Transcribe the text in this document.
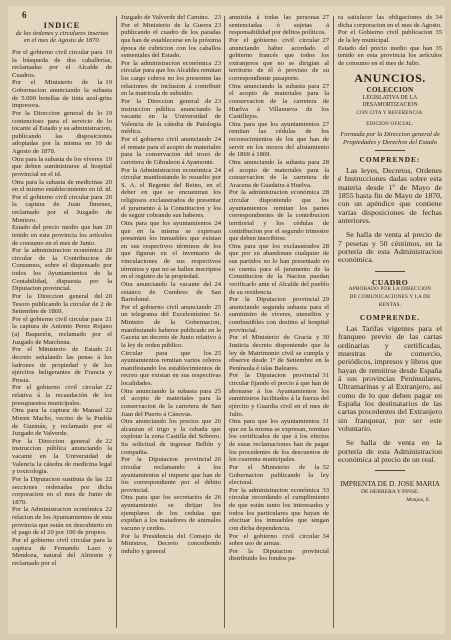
6
INDICE
de las órdenes y circulares insertas en el mes de Agosto de 1870.

19
Por el gobierno civil circular para la búsqueda de dos caballerías, reclamadas por el Alcalde de Cuadros.

19
Por el Ministerio de la Gobernacion anunciando la subasta de 5.000 botellas de tinta azul-griss impresora.

19
Por la Direccion general de lo contencioso para el servicio de lo tocante al Estado y su administracion, publicando las disposiciones adoptadas por la misma en 10 de Agosto de 1870.

19
Otra para la subasta de los víveres que deben suministrarse al hospital provincial en el id.

20
Otra para la subasta de medicinas en el mismo establecimiento en id. id.

20
Por el gobierno civil circular para la captura de Juan Jimenez, reclamado por el Juzgado de Montoro.

20
Estado del precio medio que han tenido en esta provincia los artículos de consumo en el mes de Junio.

20
Por la administracion económica circular de la Contribucion de Consumos, sobre el dispensado por todos los Ayuntamientos de la Contabilidad, dispuesta por la Diputacion provincial.

20
Por la Direccion general del Tesoro publicando la circular de 2 de Setiembre de 1869.

21
Por el gobierno civil circular para la captura de Antonio Perez Rojano (a) Baquetón, reclamado por el Juzgado de Marchena.

21
Por el Ministerio de Estado decreto señalando las penas á los ladrones de propiedad y de los ejércitos beligerantes de Francia y Prusia.

22
Por el gobierno civil circular relativa á la recaudación de los presupuestos municipales.

22
Otra para la captura de Manuel Moren Macho, vecino de la Puebla de Guzmán, y reclamado por el Juzgado de Valverde.

22
Por la Direccion general de instruccion pública anunciando la vacante en la Universidad de Valencia la cátedra de medicina legal y toxicologia.

22
Por la Diputacion sustituta de las secciones ordenadas por dicha corporacion en el mes de Junio de 1870.

22
Por la Administracion económica relacion de los Ayuntamientos de esta provincia que están en descubierto en el pago de el 20 por 100 de propios.

Por el gobierno civil circular para la captura de Fernando Lazo y Mendoza, natural del Almonte y reclamado por el

23
Juzgado de Valverde del Camino.

23
Por el Ministerio de la Guerra publicando el cuadro de los paradas que han de establecerse en la próxima época de cubricion con los caballos sementales del Estado.

23
Por la administracion económica circular para que los Alcaldes remitan los cargo cobros no los presenten las relaciones de inclusion á contribuir en la matricula de subsidio.

23
Por la Direccion general de instruccion pública anunciando la vacante en la Universidad de Valencia de la cátedra de Patologia médica.

24
Por el gobierno civil anunciando el remate para el acopio de materiales para la conservacion del trozo de carretera de Gibraleon á Ayamonte.

24
Por la Administracion económica circular manifestando lo resuelto por S. A. el Regente del Reino, en el deber en que se encuentran los religiosos exclaustrados de presentar el juramento á la Constitucion y los de seguir cobrando sus haberes.

24
Otra para que los ayuntamientos que en la misma se expresan presenten los inmuebles que existan en sus respectivos términos de los que figuran en el inventario de vinculaciones de sus respectivos términos y que no se hallen inscriptos en el registro de la propiedad.

24
Otra anunciando la vacante del estanco de Cumbres de San Bartolomé.

25
Por el gobierno civil anunciando un telegrama del Excelentísimo Sr. Ministro de la Gobernacion, manifestando haberse publicado en la Gaceta un decreto de Junio relativo á la ley de orden público.

25
Circular para que los ayuntamientos remitan varios celeros manifestando los establecimientos de recreo que existan en sus respectivas localidades.

25
Otra anunciando la subasta para el acopio de materiales para la conservacion de la carretera de San Juan del Puerto á Cánovas.

26
Otra anunciando los precios que alcanzan el trigo y la cebada que explotar la zona Castilla del Sobrero. Su solicitud de ingresar Bellón y compañia.

26
Por la Diputacion provincial circular reclamando á los ayuntamientos el importe que han de los correspondiente por el débito provincial.

26
Otra para que los secretarios de ayuntamiento se dirijan los ejemplares de los cedulas que expidan á los matadores de animales vacuno y cerdos.

Por la Presidencia del Consejo de Ministros, Decreto concediendo indulto y general

27
amnistía á todas las personas sentenciadas ó sujetas á responsabilidad por delitos políticos.

27
Por el gobierno civil circular anunciando haber acordado el gobierno francés que todos los extranjeros que no se dirigian al territorio de él ó provisto de su correspondiente pasaporte.

27
Otra anunciando la subasta para el acopio de materiales para la conservacion de la carretera de Huelva á Villanueva de los Castillejos.

27
Otra para que los ayuntamientos remitan las cédulas de los reconocimientos de los que han de servir en los mozos del alistamiento de 1869 á 1869.

28
Otra anunciando la subasta para el acopio de materiales para la conservacion de la carretera de Aracena de Guadaira á Huelva.

28
Por la administracion económica circular disponiendo que los ayuntamientos remitan los partes correspondientes de la contribucion territorial y los cédulas de contribucion por el segundo trimestre que deben inscribirse.

28
Otra para que los exclaustrados que por su abandonan cualquier de sus partidos no lo han presentado en su cuenta para el juramento de la Constitucion de la Nacion puedan verificarlo ante el Alcalde del pueblo de su residencia.

29
Por la Diputacion provincial anunciando segunda subasta para el suministro de víveres, utensilios y combustibles con destino al hospital provincial.

30
Por el Ministerio de Gracia y Justicia decreto disponiendo que la ley de Matrimonio civil se cumpla y observe desde 1º de Setiembre en la Península é islas Baleares.

31
Por la Diputacion provincial circular fijando el precio á que han de abonarse á los Ayuntamientos los suministros facilitados á la fuerza del ejército y Guardia civil en el mes de Julio.

31
Otra para que los ayuntamientos que en la misma se expresan, remitan los certificados de que á los efectos de estas reclamaciones han de pagar los procedentes de los descuentos de los cuarenta municipales.

32
Por el Ministerio de la Gobernacion publicando la ley electoral.

33
Por la administracion económica circular recordando el cumplimiento de que están tanto los interesados y todos los particulares que hayan de efectuar los inmuebles que tengan con dicha dependencia.

34
Por el gobierno civil circular sobre uso de armas.

Por la Diputacion provincial distribuido los fondos pa-

34
ra satisfacer las obligaciones de dicha corporacion en el mes de Agosto.

35
Por el Gobierno civil publicacion de la ley municipal.

35
Estado del precio medio que han tenido en esta provincia los artículos de consumo en el mes de Julio.

ANUNCIOS.
COLECCION
LEGISLATIVA DE LA DESAMORTIZACION
CON CITA Y REFERENCIA.
EDICION OFICIAL.
Formada por la Direccion general de Propiedades y Derechos del Estado
COMPRENDE:

Las leyes, Decretos, Ordenes é Instrucciones dadas sobre esta materia desde 1º de Mayo de 1855 hasta fin de Mayo de 1870, con un apéndice que contiene varias disposiciones de fechas anteriores.

Se halla de venta al precio de 7 pesetas y 50 céntimos, en la portería de esta Administracion económica.

CUADRO
APROBADO POR LA DIRECCION
DE COMUNICACIONES Y LA DE RENTAS.
COMPRENDE.

Las Tarifas vigentes para el franqueo previo de las cartas ordinarias y certificadas, muestras de comercio, periódicos, impresos y libros que hayan de remitirse desde España á sus provincias Peninsulares, Ultramarinas y al Extranjero, así como de lo que deben pagar en España los destinatarios de las cartas procedentes del Extranjero sin franquear, por ser este voluntario.

Se halla de venta en la portería de esta Administracion económica al precio de un real.

IMPRENTA DE D. JOSE MARIA
DE HERRERA Y PINSE.
Monjas, 6.
